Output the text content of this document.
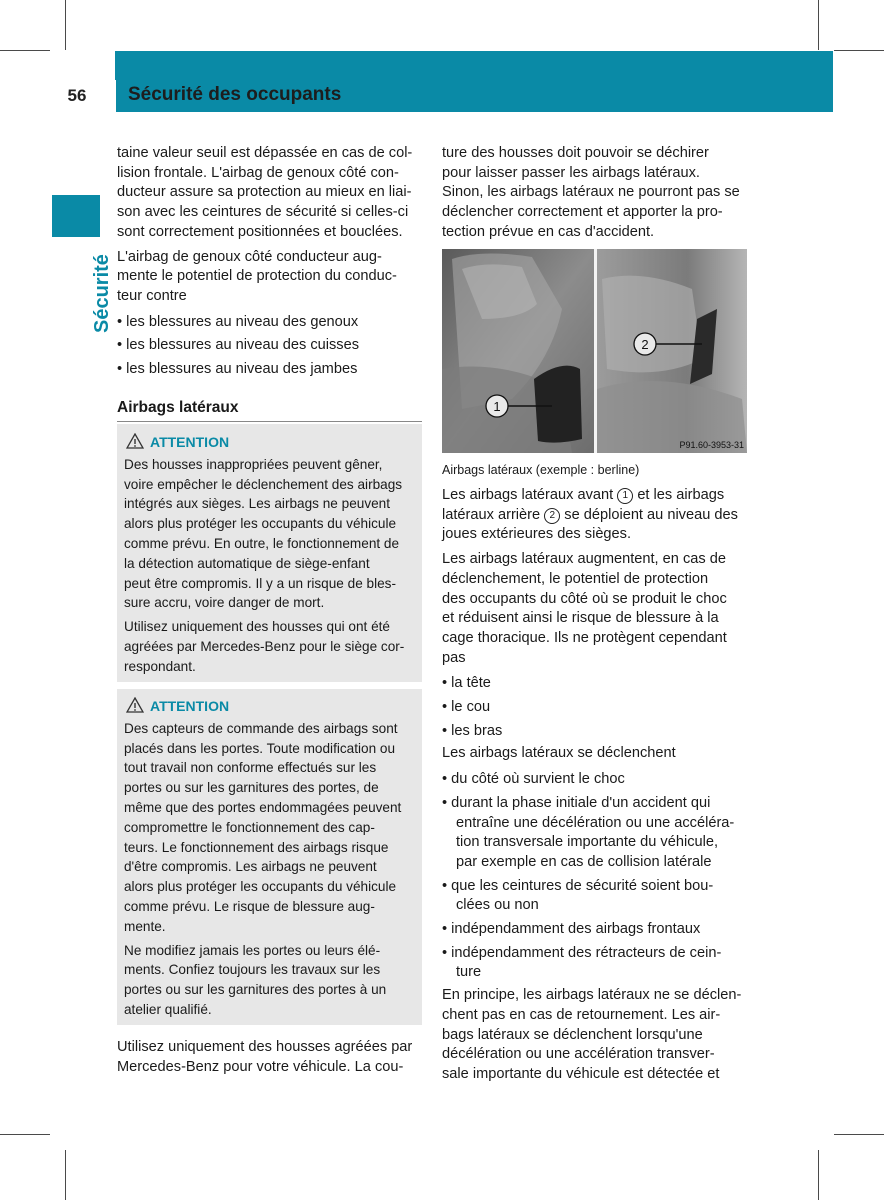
56	Sécurité des occupants
Sécurité

taine valeur seuil est dépassée en cas de col-
lision frontale. L'airbag de genoux côté con-
ducteur assure sa protection au mieux en liai-
son avec les ceintures de sécurité si celles-ci
sont correctement positionnées et bouclées.

L'airbag de genoux côté conducteur aug-
mente le potentiel de protection du conduc-
teur contre

• les blessures au niveau des genoux

• les blessures au niveau des cuisses

• les blessures au niveau des jambes

Airbags latéraux
ATTENTION
Des housses inappropriées peuvent gêner,
voire empêcher le déclenchement des airbags
intégrés aux sièges. Les airbags ne peuvent
alors plus protéger les occupants du véhicule
comme prévu. En outre, le fonctionnement de
la détection automatique de siège-enfant
peut être compromis. Il y a un risque de bles-
sure accru, voire danger de mort.
Utilisez uniquement des housses qui ont été
agréées par Mercedes-Benz pour le siège cor-
respondant.
ATTENTION
Des capteurs de commande des airbags sont
placés dans les portes. Toute modification ou
tout travail non conforme effectués sur les
portes ou sur les garnitures des portes, de
même que des portes endommagées peuvent
compromettre le fonctionnement des cap-
teurs. Le fonctionnement des airbags risque
d'être compromis. Les airbags ne peuvent
alors plus protéger les occupants du véhicule
comme prévu. Le risque de blessure aug-
mente.
Ne modifiez jamais les portes ou leurs élé-
ments. Confiez toujours les travaux sur les
portes ou sur les garnitures des portes à un
atelier qualifié.

Utilisez uniquement des housses agréées par
Mercedes-Benz pour votre véhicule. La cou-

ture des housses doit pouvoir se déchirer
pour laisser passer les airbags latéraux.
Sinon, les airbags latéraux ne pourront pas se
déclencher correctement et apporter la pro-
tection prévue en cas d'accident.

1
2
P91.60-3953-31
Airbags latéraux (exemple : berline)

Les airbags latéraux avant 1 et les airbags
latéraux arrière 2 se déploient au niveau des
joues extérieures des sièges.

Les airbags latéraux augmentent, en cas de
déclenchement, le potentiel de protection
des occupants du côté où se produit le choc
et réduisent ainsi le risque de blessure à la
cage thoracique. Ils ne protègent cependant
pas

• la tête

• le cou

• les bras

Les airbags latéraux se déclenchent

• du côté où survient le choc

• durant la phase initiale d'un accident qui
entraîne une décélération ou une accéléra-
tion transversale importante du véhicule,
par exemple en cas de collision latérale

• que les ceintures de sécurité soient bou-
clées ou non

• indépendamment des airbags frontaux

• indépendamment des rétracteurs de cein-
ture

En principe, les airbags latéraux ne se déclen-
chent pas en cas de retournement. Les air-
bags latéraux se déclenchent lorsqu'une
décélération ou une accélération transver-
sale importante du véhicule est détectée et
